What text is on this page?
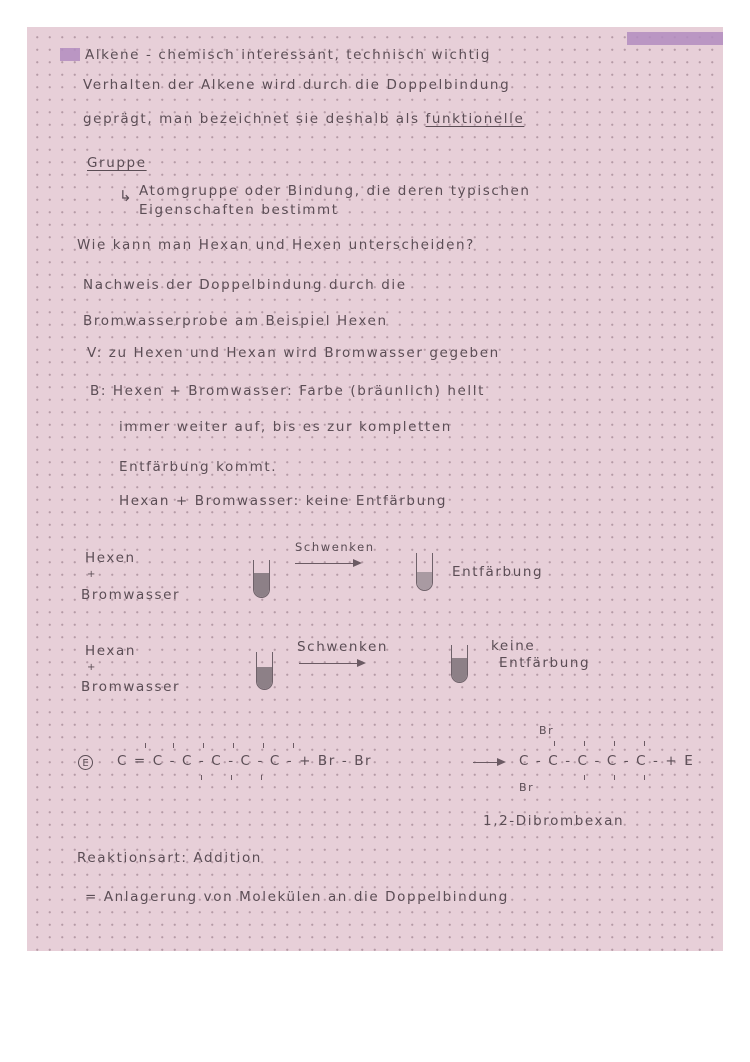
Alkene - chemisch interessant, technisch wichtig
Verhalten der Alkene wird durch die Doppelbindung
geprägt, man bezeichnet sie deshalb als funktionelle
Gruppe
↳ Atomgruppe oder Bindung, die deren typischen
Eigenschaften bestimmt
Wie kann man Hexan und Hexen unterscheiden?
Nachweis der Doppelbindung durch die
Bromwasserprobe am Beispiel Hexen
V: zu Hexen und Hexan wird Bromwasser gegeben
B: Hexen + Bromwasser: Farbe (bräunlich) hellt
immer weiter auf, bis es zur kompletten
Entfärbung kommt.
Hexan + Bromwasser: keine Entfärbung
Hexen
+
Bromwasser
Schwenken
Entfärbung
Hexan
+
Bromwasser
Schwenken	keine
Entfärbung
E	C = C - C - C - C - C - + Br - Br
Br
C - C - C - C - C - + E
Br
1,2-Dibrombexan
Reaktionsart: Addition
= Anlagerung von Molekülen an die Doppelbindung
